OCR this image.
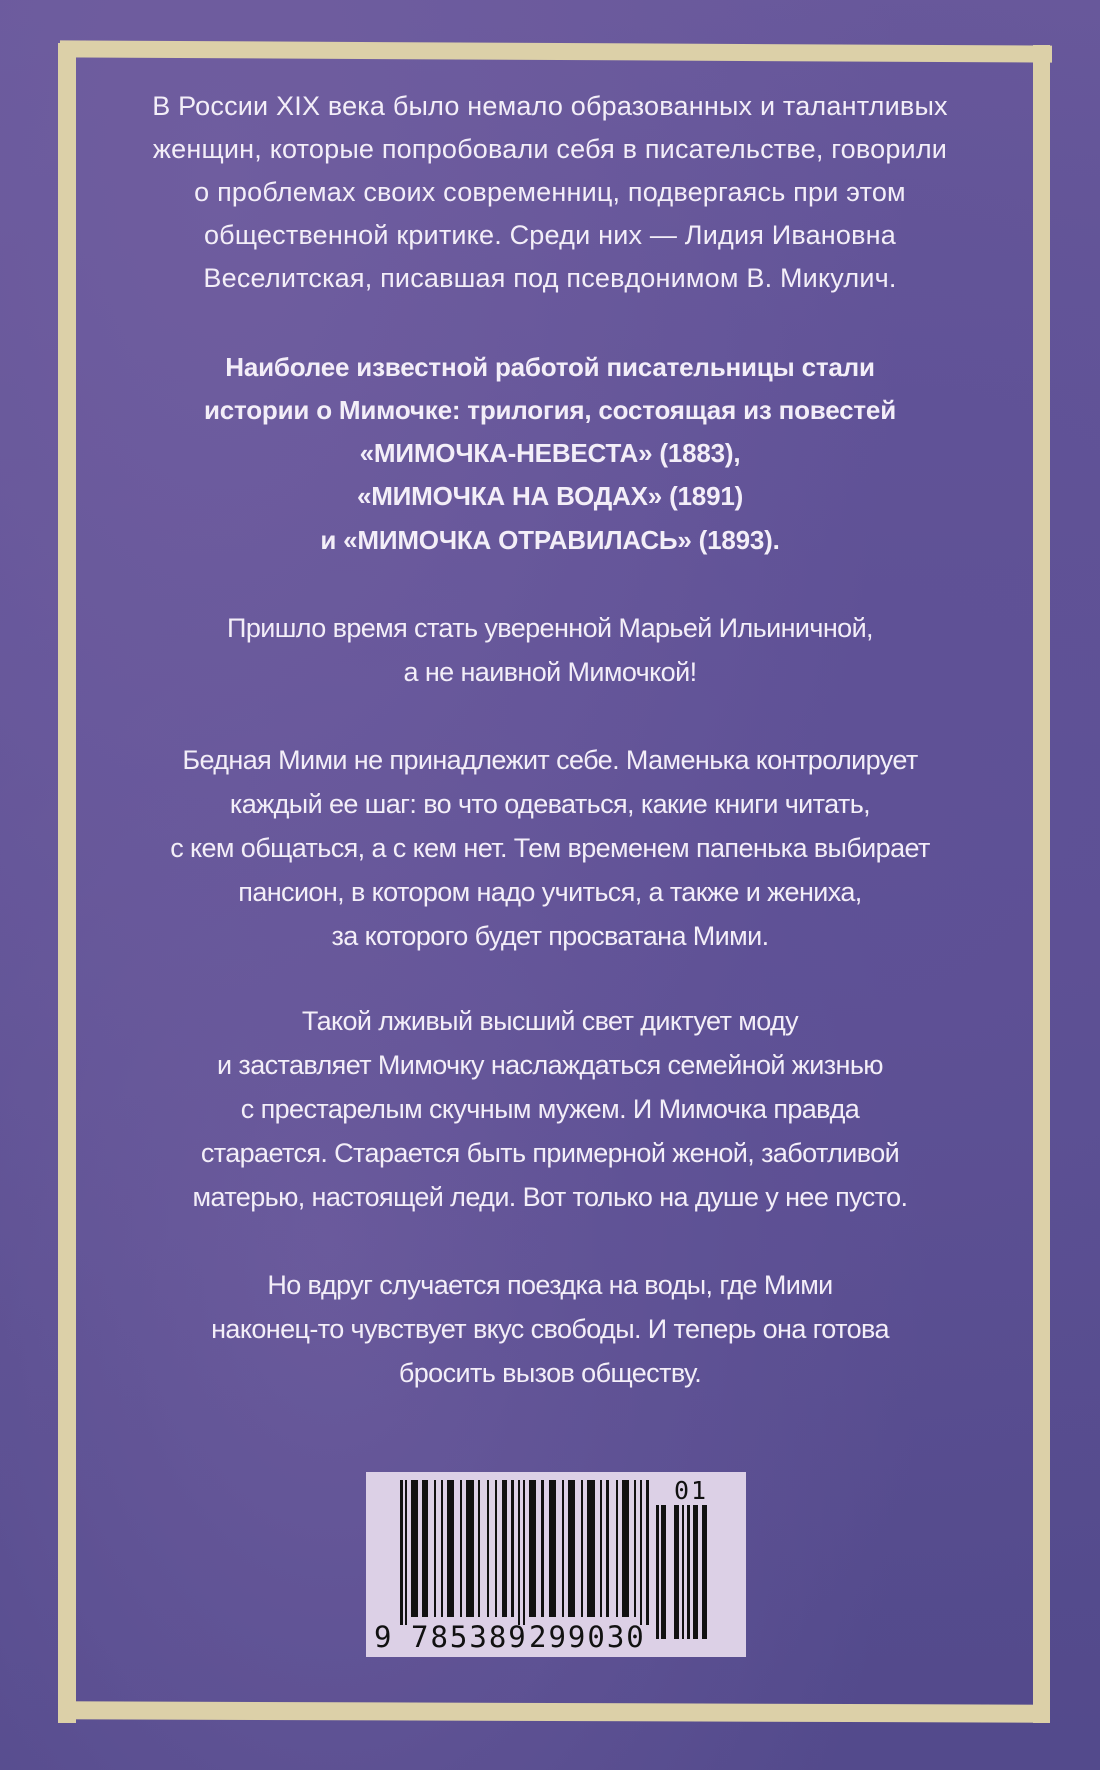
В России XIX века было немало образованных и талантливых
женщин, которые попробовали себя в писательстве, говорили
о проблемах своих современниц, подвергаясь при этом
общественной критике. Среди них — Лидия Ивановна
Веселитская, писавшая под псевдонимом В. Микулич.
Наиболее известной работой писательницы стали
истории о Мимочке: трилогия, состоящая из повестей
«МИМОЧКА-НЕВЕСТА» (1883),
«МИМОЧКА НА ВОДАХ» (1891)
и «МИМОЧКА ОТРАВИЛАСЬ» (1893).
Пришло время стать уверенной Марьей Ильиничной,
а не наивной Мимочкой!
Бедная Мими не принадлежит себе. Маменька контролирует
каждый ее шаг: во что одеваться, какие книги читать,
с кем общаться, а с кем нет. Тем временем папенька выбирает
пансион, в котором надо учиться, а также и жениха,
за которого будет просватана Мими.
Такой лживый высший свет диктует моду
и заставляет Мимочку наслаждаться семейной жизнью
с престарелым скучным мужем. И Мимочка правда
старается. Старается быть примерной женой, заботливой
матерью, настоящей леди. Вот только на душе у нее пусто.
Но вдруг случается поездка на воды, где Мими
наконец-то чувствует вкус свободы. И теперь она готова
бросить вызов обществу.
9 785389 299030
01
